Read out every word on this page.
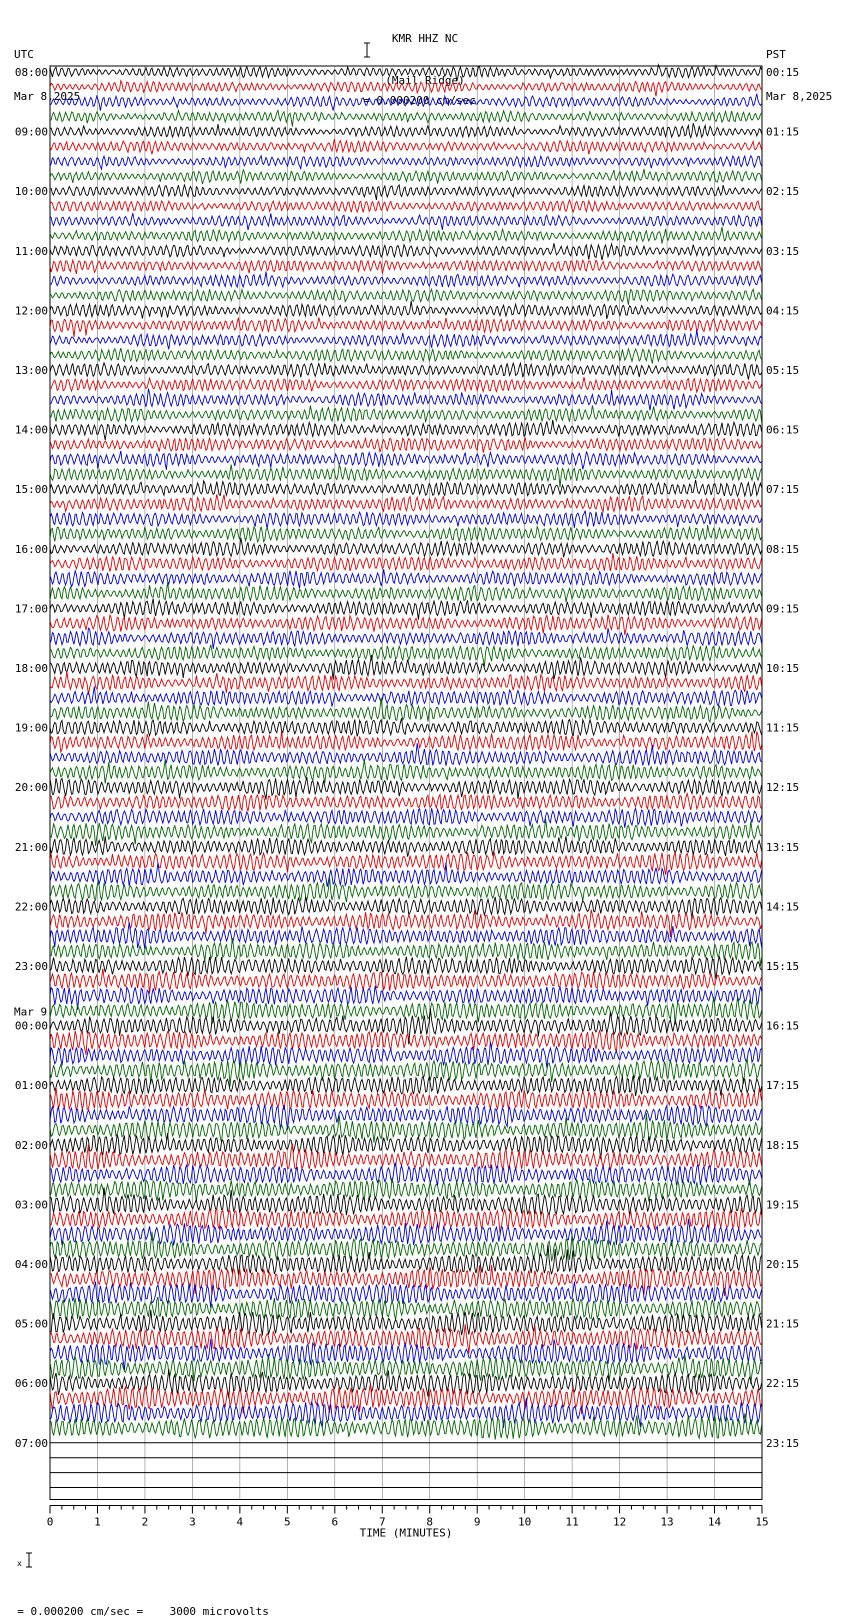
KMR HHZ NC

(Mail Ridge)

= 0.000200 cm/sec

UTC

Mar 8,2025

PST

Mar 8,2025

08:00
09:00
10:00
11:00
12:00
13:00
14:00
15:00
16:00
17:00
18:00
19:00
20:00
21:00
22:00
23:00
00:00
Mar 9
01:00
02:00
03:00
04:00
05:00
06:00
07:00
00:15
01:15
02:15
03:15
04:15
05:15
06:15
07:15
08:15
09:15
10:15
11:15
12:15
13:15
14:15
15:15
16:15
17:15
18:15
19:15
20:15
21:15
22:15
23:15
0	1	2	3	4	5	6	7	8	9	10	11	12	13	14	15
TIME (MINUTES)

x

= 0.000200 cm/sec =    3000 microvolts
